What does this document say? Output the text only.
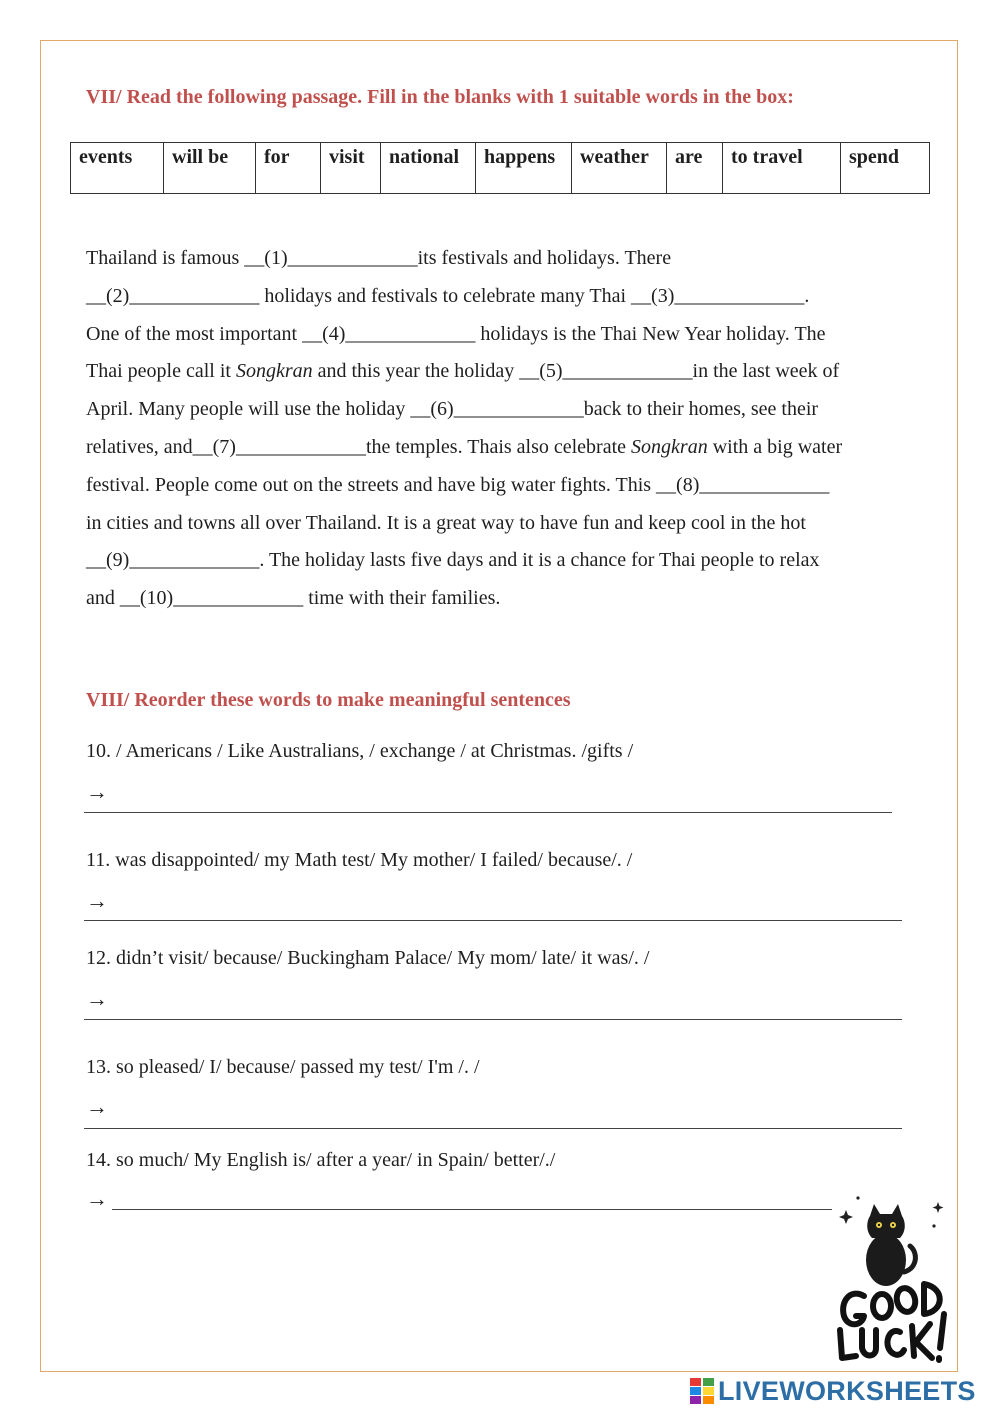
VII/ Read the following passage. Fill in the blanks with 1 suitable words in the box:
events	will be	for	visit	national	happens	weather	are	to travel	spend
Thailand is famous __(1)_____________its festivals and holidays. There
__(2)_____________ holidays and festivals to celebrate many Thai __(3)_____________.
One of the most important __(4)_____________ holidays is the Thai New Year holiday. The
Thai people call it Songkran and this year the holiday __(5)_____________in the last week of
April. Many people will use the holiday __(6)_____________back to their homes, see their
relatives, and__(7)_____________the temples. Thais also celebrate Songkran with a big water
festival. People come out on the streets and have big water fights. This __(8)_____________
in cities and towns all over Thailand. It is a great way to have fun and keep cool in the hot
__(9)_____________. The holiday lasts five days and it is a chance for Thai people to relax
and __(10)_____________ time with their families.
VIII/ Reorder these words to make meaningful sentences
10. / Americans / Like Australians, / exchange / at Christmas. /gifts /
→
11. was disappointed/ my Math test/ My mother/ I failed/ because/. /
→
12. didn’t visit/ because/ Buckingham Palace/ My mom/ late/ it was/. /
→
13. so pleased/ I/ because/ passed my test/ I'm /. /
→
14. so much/ My English is/ after a year/ in Spain/ better/./
→
LIVEWORKSHEETS
